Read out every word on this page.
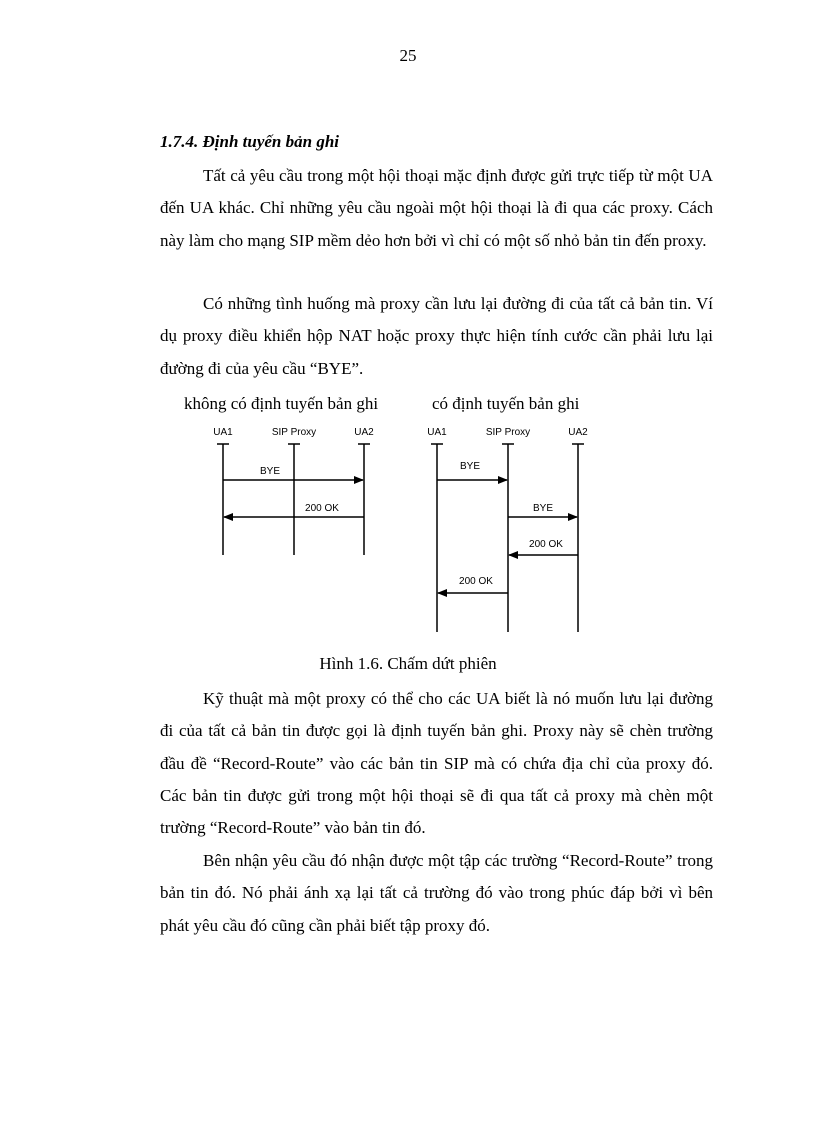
25
1.7.4. Định tuyến bản ghi

Tất cả yêu cầu trong một hội thoại mặc định được gửi trực tiếp từ một UA đến UA khác. Chỉ những yêu cầu ngoài một hội thoại là đi qua các proxy. Cách này làm cho mạng SIP mềm dẻo hơn bởi vì chỉ có một số nhỏ bản tin đến proxy.

Có những tình huống mà proxy cần lưu lại đường đi của tất cả bản tin. Ví dụ proxy điều khiển hộp NAT hoặc proxy thực hiện tính cước cần phải lưu lại đường đi của yêu cầu “BYE”.

không có định tuyến bản ghi	có định tuyến bản ghi
UA1	SIP Proxy	UA2
BYE
200 OK
UA1	SIP Proxy	UA2
BYE
BYE
200 OK
200 OK
Hình 1.6. Chấm dứt phiên

Kỹ thuật mà một proxy có thể cho các UA biết là nó muốn lưu lại đường đi của tất cả bản tin được gọi là định tuyến bản ghi. Proxy này sẽ chèn trường đầu đề “Record-Route” vào các bản tin SIP mà có chứa địa chỉ của proxy đó. Các bản tin được gửi trong một hội thoại sẽ đi qua tất cả proxy mà chèn một trường “Record-Route” vào bản tin đó.

Bên nhận yêu cầu đó nhận được một tập các trường “Record-Route” trong bản tin đó. Nó phải ánh xạ lại tất cả trường đó vào trong phúc đáp bởi vì bên phát yêu cầu đó cũng cần phải biết tập proxy đó.
